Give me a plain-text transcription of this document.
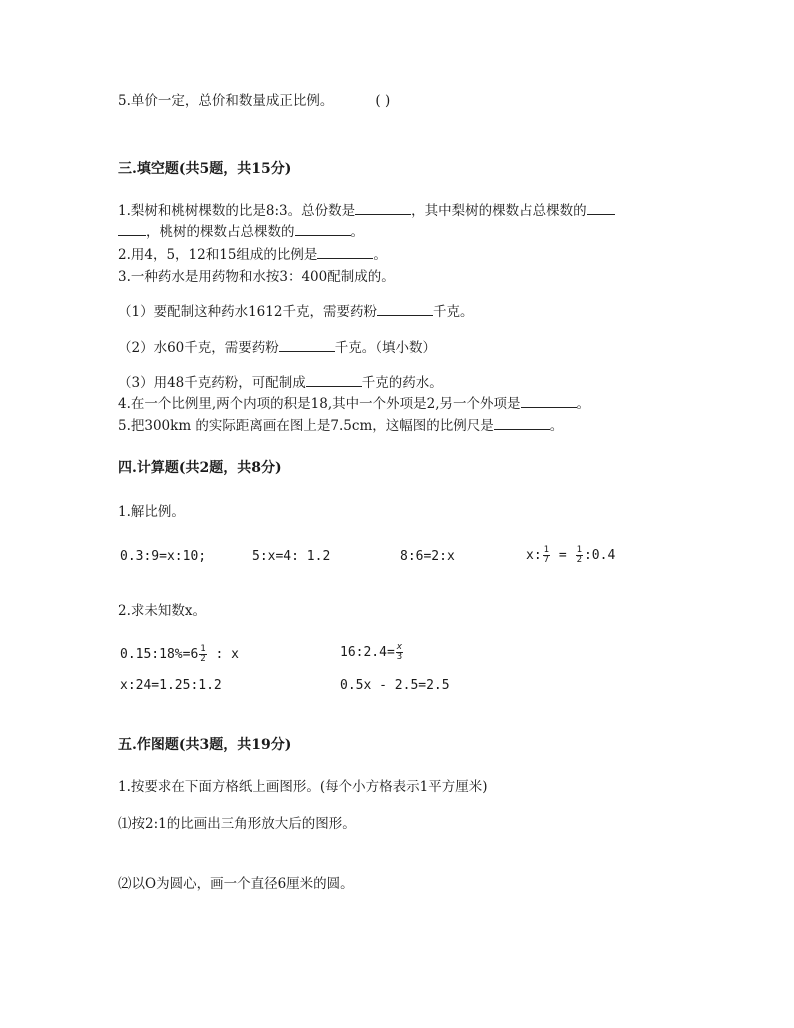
5.单价一定，总价和数量成正比例。	( )
三.填空题(共5题，共15分)
1.梨树和桃树棵数的比是8:3。总份数是	，其中梨树的棵数占总棵数的
，桃树的棵数占总棵数的	。
2.用4，5，12和15组成的比例是	。
3.一种药水是用药物和水按3：400配制成的。
（1）要配制这种药水1612千克，需要药粉	千克。
（2）水60千克，需要药粉	千克。（填小数）
（3）用48千克药粉，可配制成	千克的药水。
4.在一个比例里,两个内项的积是18,其中一个外项是2,另一个外项是	。
5.把300km 的实际距离画在图上是7.5cm，这幅图的比例尺是	。
四.计算题(共2题，共8分)
1.解比例。
0.3:9=x:10;	5:x=4: 1.2	8:6=2:x	x: $\frac{1}{7} = \frac{1}{2}$ :0.4
2.求未知数x。
0.15:18%=6 $\frac{1}{2}$ : x	16:2.4= $\frac{x}{3}$
x:24=1.25:1.2	0.5x - 2.5=2.5
五.作图题(共3题，共19分)
1.按要求在下面方格纸上画图形。(每个小方格表示1平方厘米)
⑴按2:1的比画出三角形放大后的图形。
⑵以O为圆心，画一个直径6厘米的圆。
